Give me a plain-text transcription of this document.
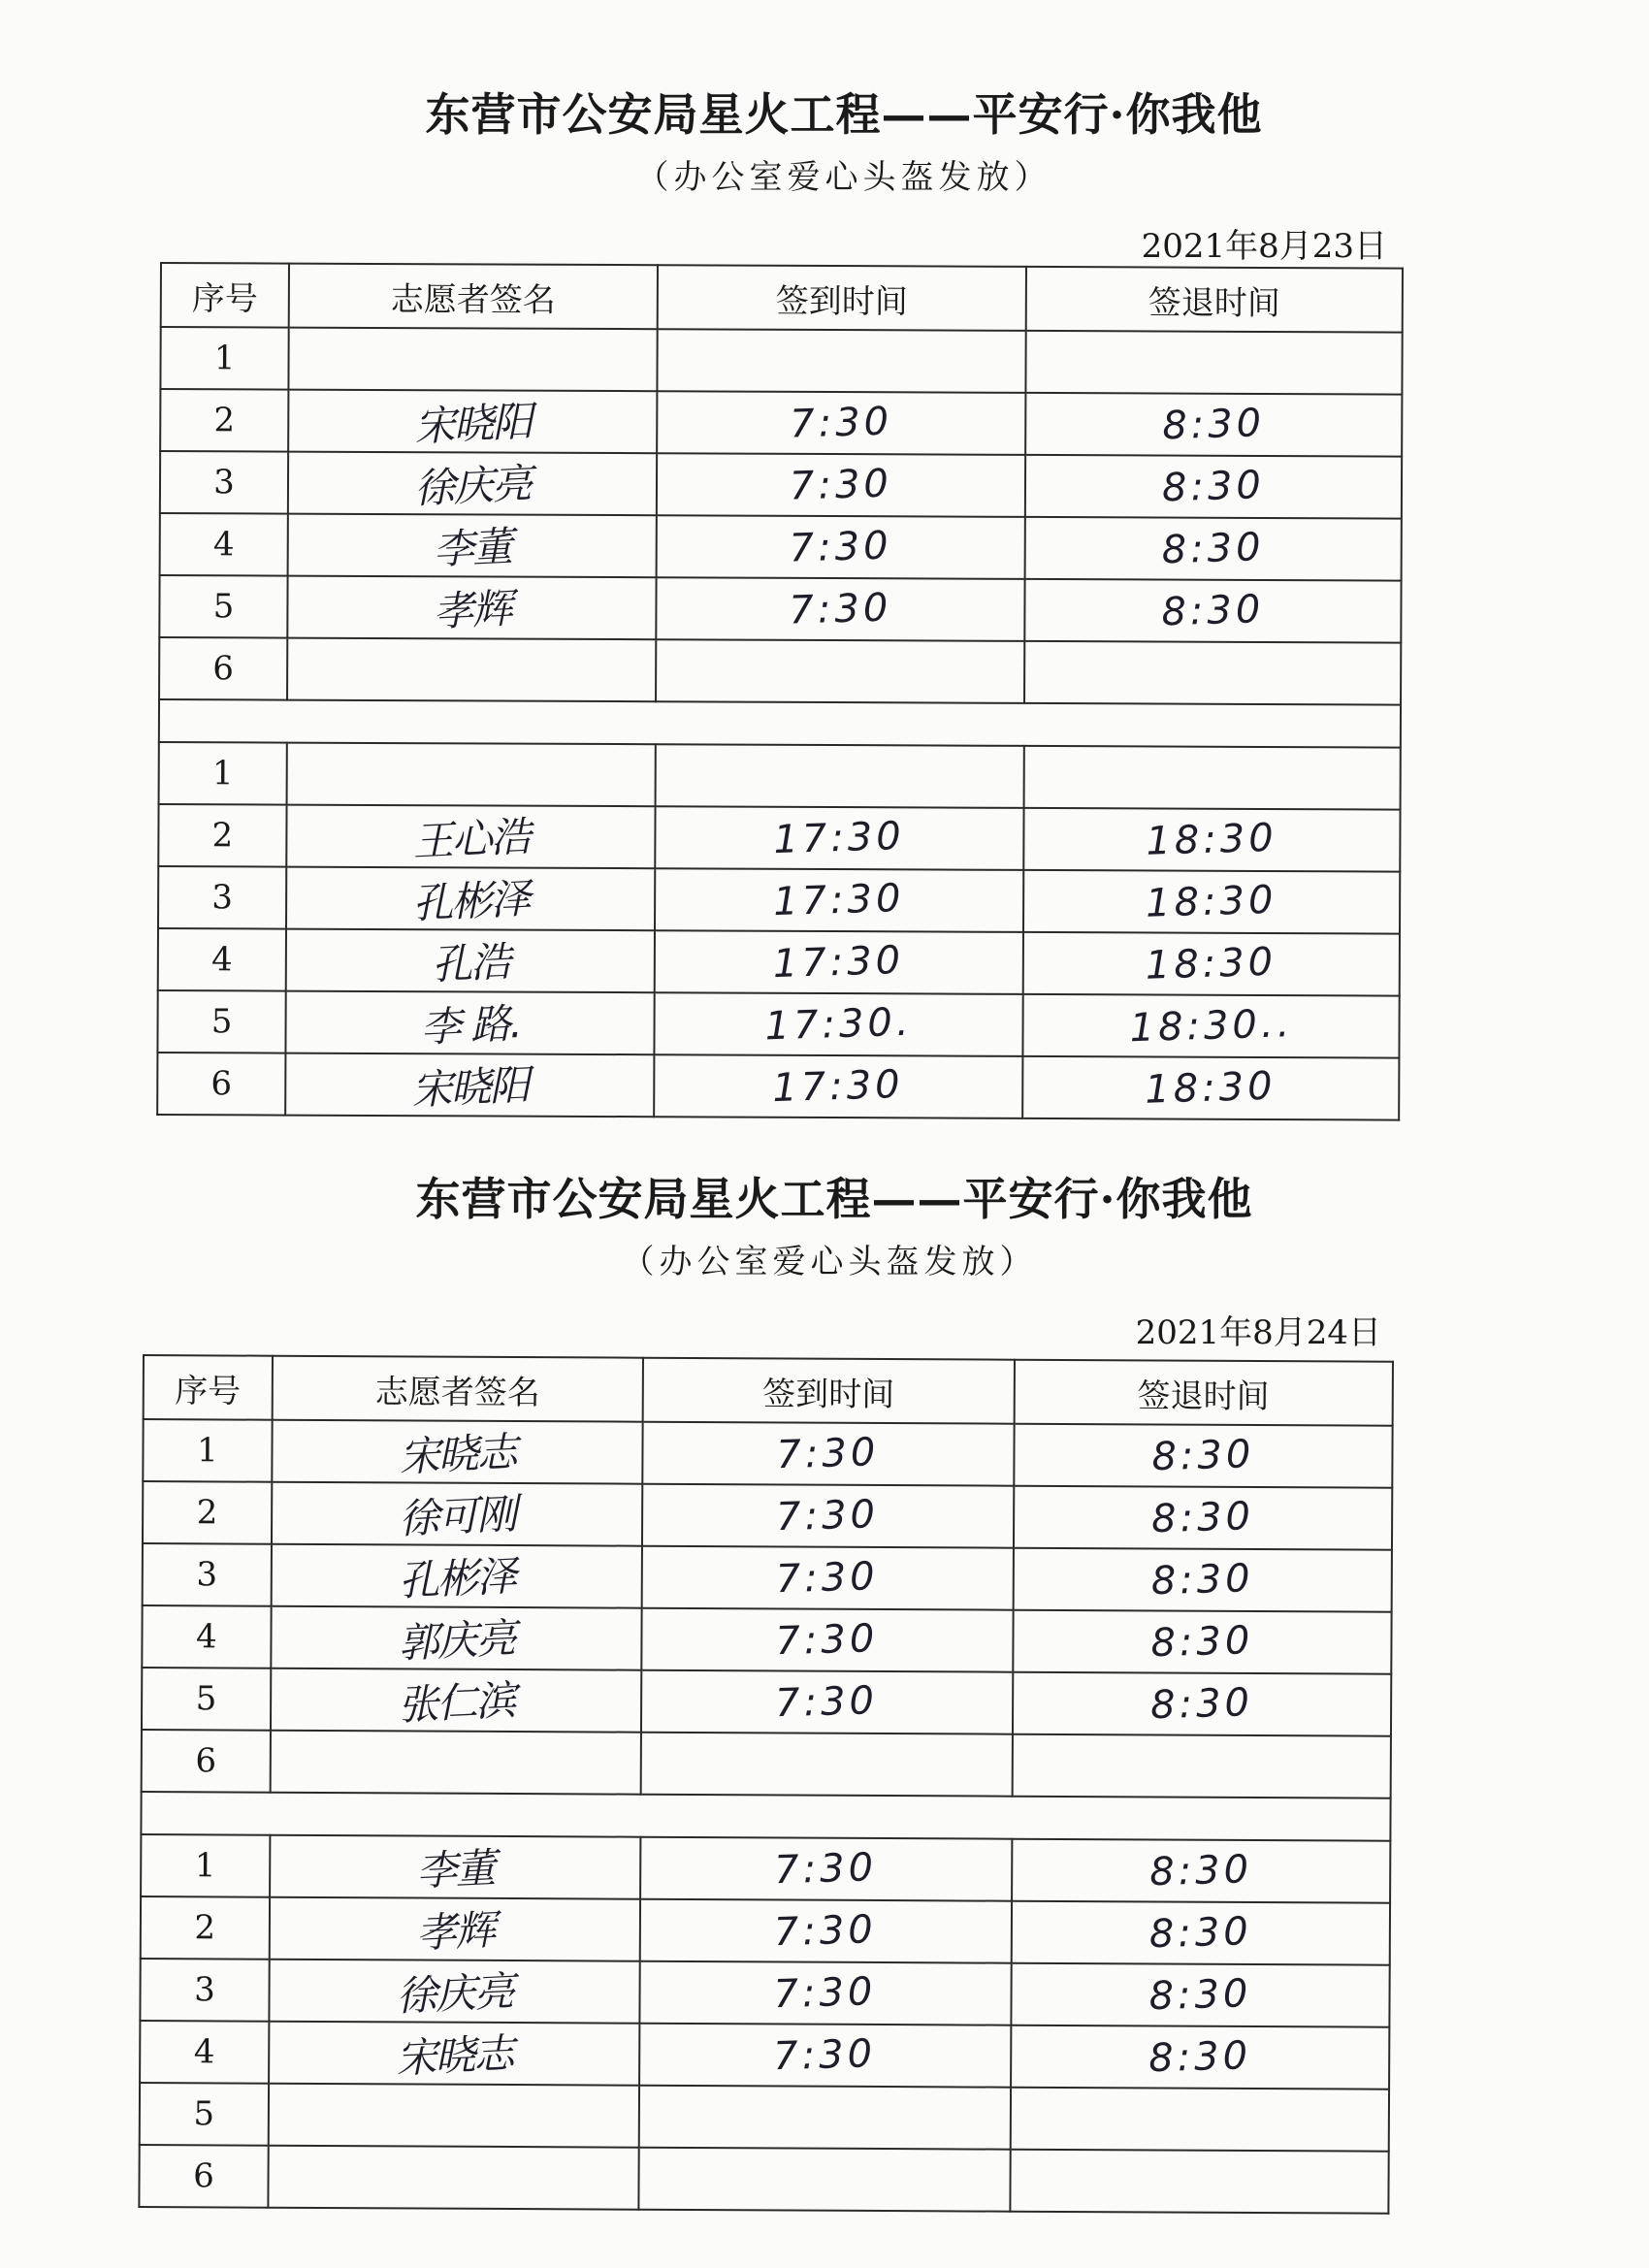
东营市公安局星火工程——平安行·你我他
（办公室爱心头盔发放）
2021年8月23日
序号	志愿者签名	签到时间	签退时间
1			
2	宋晓阳	7:30	8:30
3	徐庆亮	7:30	8:30
4	李董	7:30	8:30
5	孝辉	7:30	8:30
6			

1			
2	王心浩	17:30	18:30
3	孔彬泽	17:30	18:30
4	孔浩	17:30	18:30
5	李 路.	17:30.	18:30..
6	宋晓阳	17:30	18:30
东营市公安局星火工程——平安行·你我他
（办公室爱心头盔发放）
2021年8月24日
序号	志愿者签名	签到时间	签退时间
1	宋晓志	7:30	8:30
2	徐可刚	7:30	8:30
3	孔彬泽	7:30	8:30
4	郭庆亮	7:30	8:30
5	张仁滨	7:30	8:30
6			

1	李董	7:30	8:30
2	孝辉	7:30	8:30
3	徐庆亮	7:30	8:30
4	宋晓志	7:30	8:30
5			
6			
